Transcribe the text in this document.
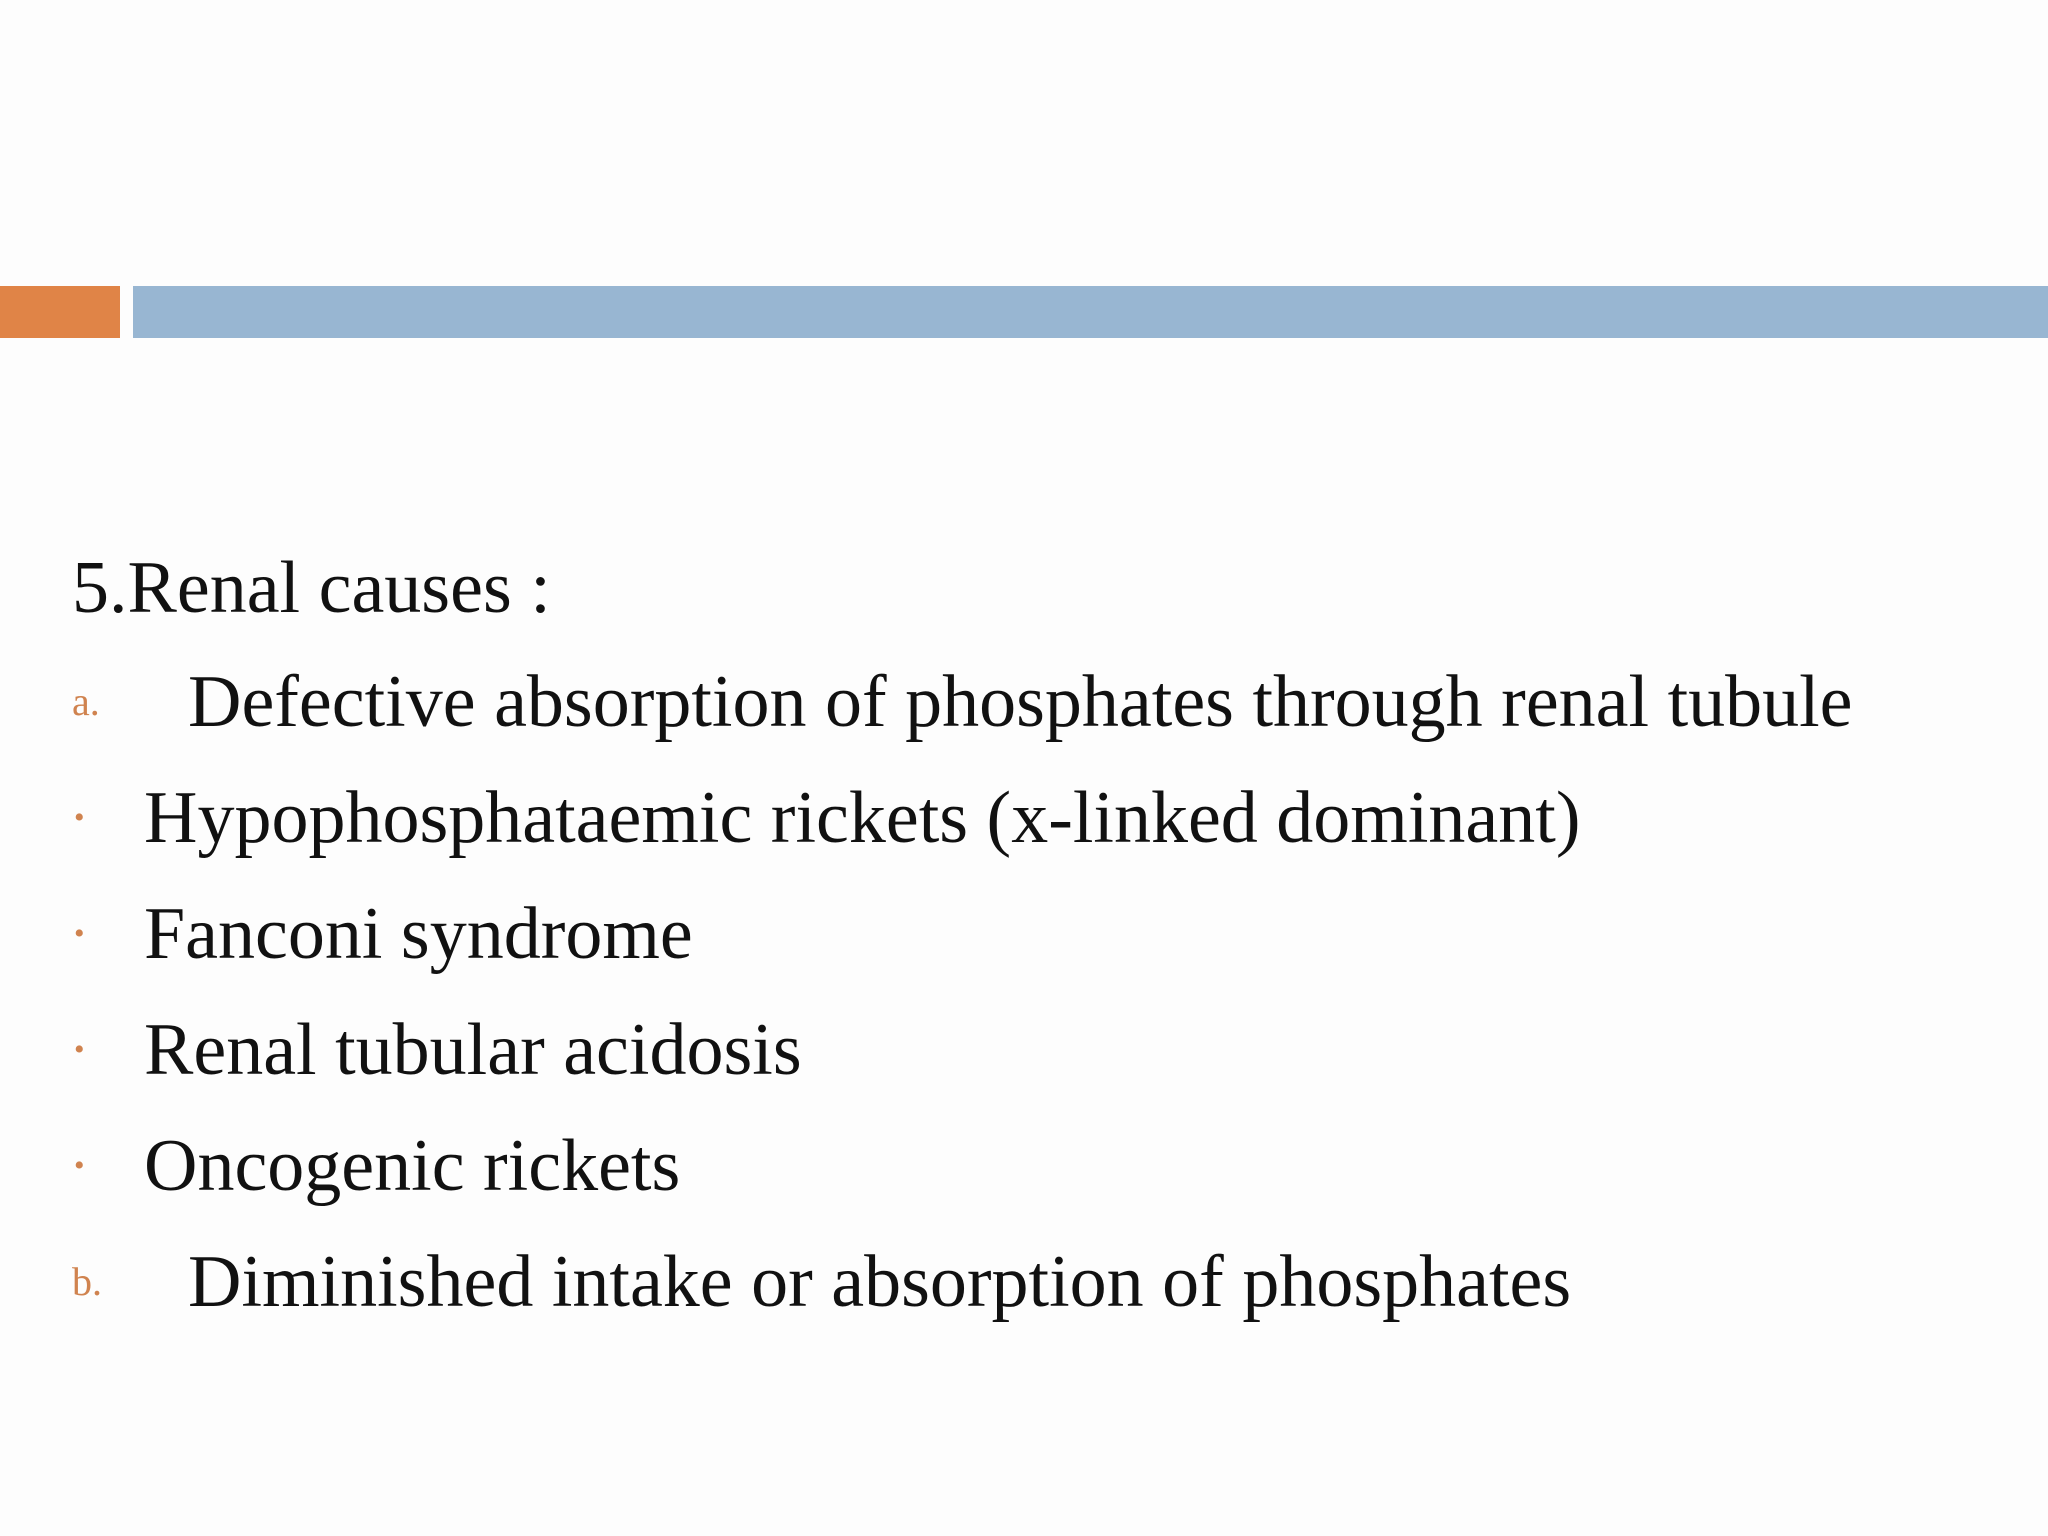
5.Renal causes :
a.	Defective absorption of phosphates through renal tubule
• Hypophosphataemic rickets (x-linked dominant)
• Fanconi syndrome
• Renal tubular acidosis
• Oncogenic rickets
b.	Diminished intake or absorption of phosphates
